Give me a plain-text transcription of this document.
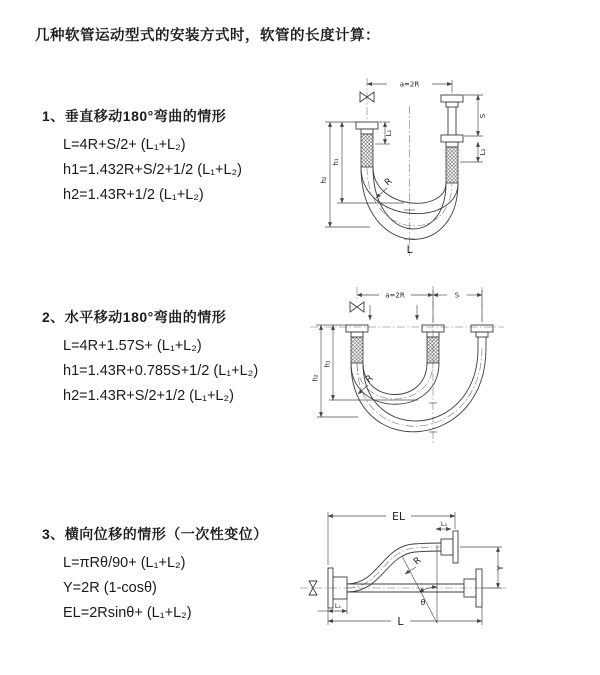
几种软管运动型式的安装方式时，软管的长度计算：
1、垂直移动180°弯曲的情形
L=4R+S/2+ (L₁+L₂)
h1=1.432R+S/2+1/2 (L₁+L₂)
h2=1.43R+1/2 (L₁+L₂)
2、水平移动180°弯曲的情形
L=4R+1.57S+ (L₁+L₂)
h1=1.43R+0.785S+1/2 (L₁+L₂)
h2=1.43R+S/2+1/2 (L₁+L₂)
3、横向位移的情形（一次性变位）
L=πRθ/90+ (L₁+L₂)
Y=2R (1-cosθ)
EL=2Rsinθ+ (L₁+L₂)
a=2R
L₁
S
L₂
h₁
h₂	R
L
a=2R	S
h₁
h₂	R
EL
L₂
Y
θ
R
L₁
L
